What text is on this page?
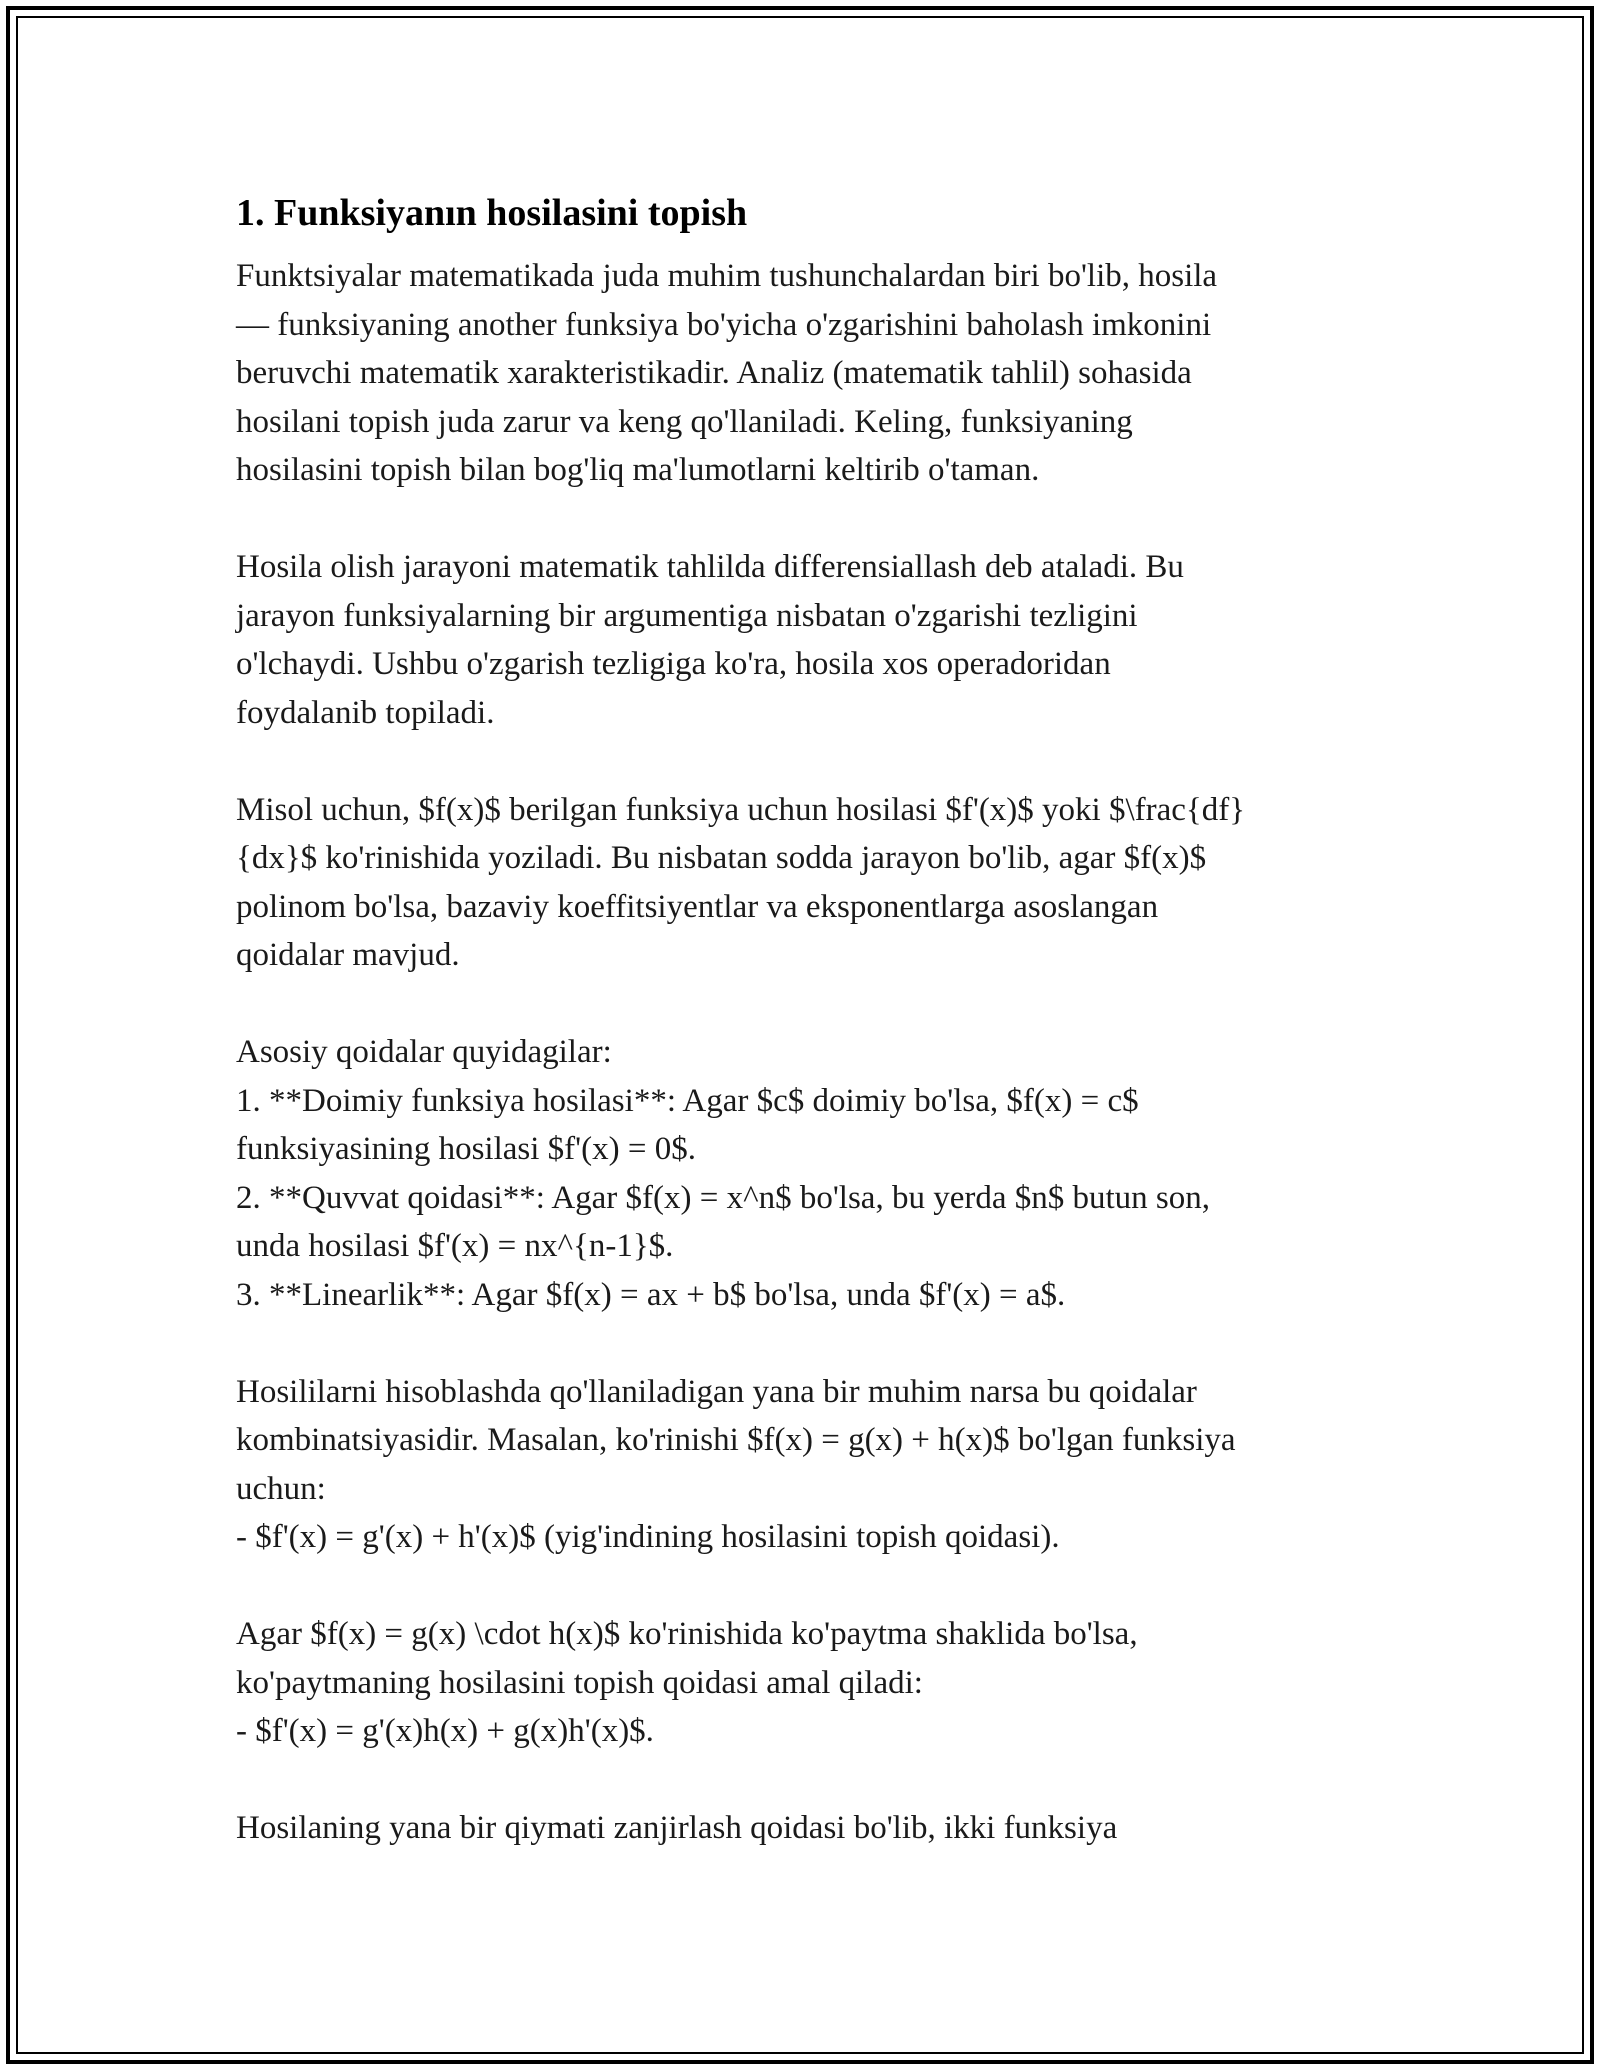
1. Funksiyanın hosilasini topish
Funktsiyalar matematikada juda muhim tushunchalardan biri bo'lib, hosila
— funksiyaning another funksiya bo'yicha o'zgarishini baholash imkonini
beruvchi matematik xarakteristikadir. Analiz (matematik tahlil) sohasida
hosilani topish juda zarur va keng qo'llaniladi. Keling, funksiyaning
hosilasini topish bilan bog'liq ma'lumotlarni keltirib o'taman.
Hosila olish jarayoni matematik tahlilda differensiallash deb ataladi. Bu
jarayon funksiyalarning bir argumentiga nisbatan o'zgarishi tezligini
o'lchaydi. Ushbu o'zgarish tezligiga ko'ra, hosila xos operadoridan
foydalanib topiladi.
Misol uchun, $f(x)$ berilgan funksiya uchun hosilasi $f'(x)$ yoki $\frac{df}
{dx}$ ko'rinishida yoziladi. Bu nisbatan sodda jarayon bo'lib, agar $f(x)$
polinom bo'lsa, bazaviy koeffitsiyentlar va eksponentlarga asoslangan
qoidalar mavjud.
Asosiy qoidalar quyidagilar:
1. **Doimiy funksiya hosilasi**: Agar $c$ doimiy bo'lsa, $f(x) = c$
funksiyasining hosilasi $f'(x) = 0$.
2. **Quvvat qoidasi**: Agar $f(x) = x^n$ bo'lsa, bu yerda $n$ butun son,
unda hosilasi $f'(x) = nx^{n-1}$.
3. **Linearlik**: Agar $f(x) = ax + b$ bo'lsa, unda $f'(x) = a$.
Hosililarni hisoblashda qo'llaniladigan yana bir muhim narsa bu qoidalar
kombinatsiyasidir. Masalan, ko'rinishi $f(x) = g(x) + h(x)$ bo'lgan funksiya
uchun:
- $f'(x) = g'(x) + h'(x)$ (yig'indining hosilasini topish qoidasi).
Agar $f(x) = g(x) \cdot h(x)$ ko'rinishida ko'paytma shaklida bo'lsa,
ko'paytmaning hosilasini topish qoidasi amal qiladi:
- $f'(x) = g'(x)h(x) + g(x)h'(x)$.
Hosilaning yana bir qiymati zanjirlash qoidasi bo'lib, ikki funksiya
